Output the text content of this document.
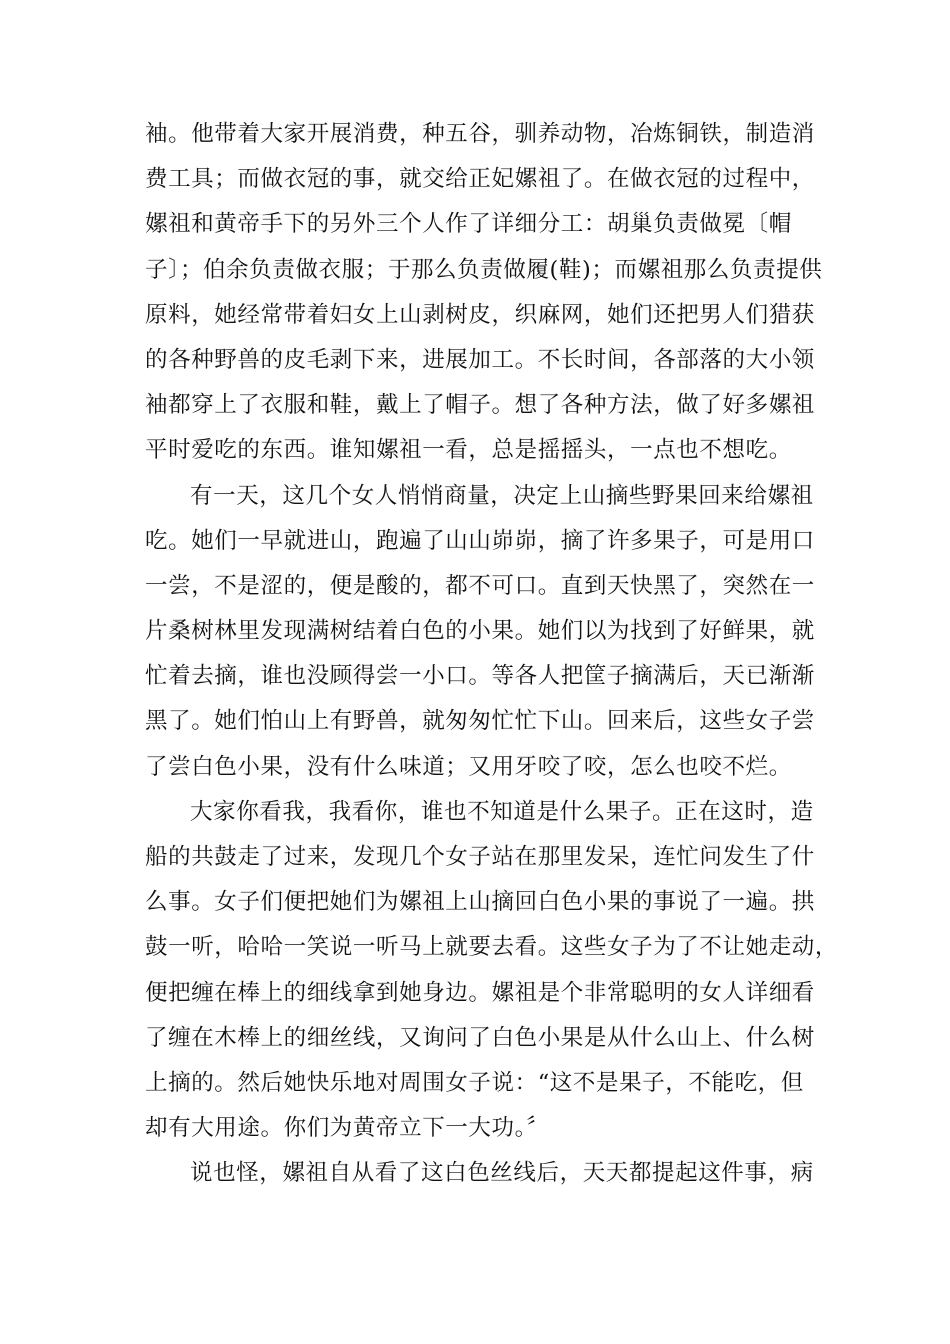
袖。他带着大家开展消费，种五谷，驯养动物，冶炼铜铁，制造消
费工具；而做衣冠的事，就交给正妃嫘祖了。在做衣冠的过程中，
嫘祖和黄帝手下的另外三个人作了详细分工：胡巢负责做冕〔帽
子〕；伯余负责做衣服；于那么负责做履(鞋)；而嫘祖那么负责提供
原料，她经常带着妇女上山剥树皮，织麻网，她们还把男人们猎获
的各种野兽的皮毛剥下来，进展加工。不长时间，各部落的大小领
袖都穿上了衣服和鞋，戴上了帽子。想了各种方法，做了好多嫘祖
平时爱吃的东西。谁知嫘祖一看，总是摇摇头，一点也不想吃。
有一天，这几个女人悄悄商量，决定上山摘些野果回来给嫘祖
吃。她们一早就进山，跑遍了山山峁峁，摘了许多果子，可是用口
一尝，不是涩的，便是酸的，都不可口。直到天快黑了，突然在一
片桑树林里发现满树结着白色的小果。她们以为找到了好鲜果，就
忙着去摘，谁也没顾得尝一小口。等各人把筐子摘满后，天已渐渐
黑了。她们怕山上有野兽，就匆匆忙忙下山。回来后，这些女子尝
了尝白色小果，没有什么味道；又用牙咬了咬，怎么也咬不烂。
大家你看我，我看你，谁也不知道是什么果子。正在这时，造
船的共鼓走了过来，发现几个女子站在那里发呆，连忙问发生了什
么事。女子们便把她们为嫘祖上山摘回白色小果的事说了一遍。拱
鼓一听，哈哈一笑说一听马上就要去看。这些女子为了不让她走动，
便把缠在棒上的细线拿到她身边。嫘祖是个非常聪明的女人详细看
了缠在木棒上的细丝线，又询问了白色小果是从什么山上、什么树
上摘的。然后她快乐地对周围女子说：“这不是果子，不能吃，但
却有大用途。你们为黄帝立下一大功。〞
说也怪，嫘祖自从看了这白色丝线后，天天都提起这件事，病
